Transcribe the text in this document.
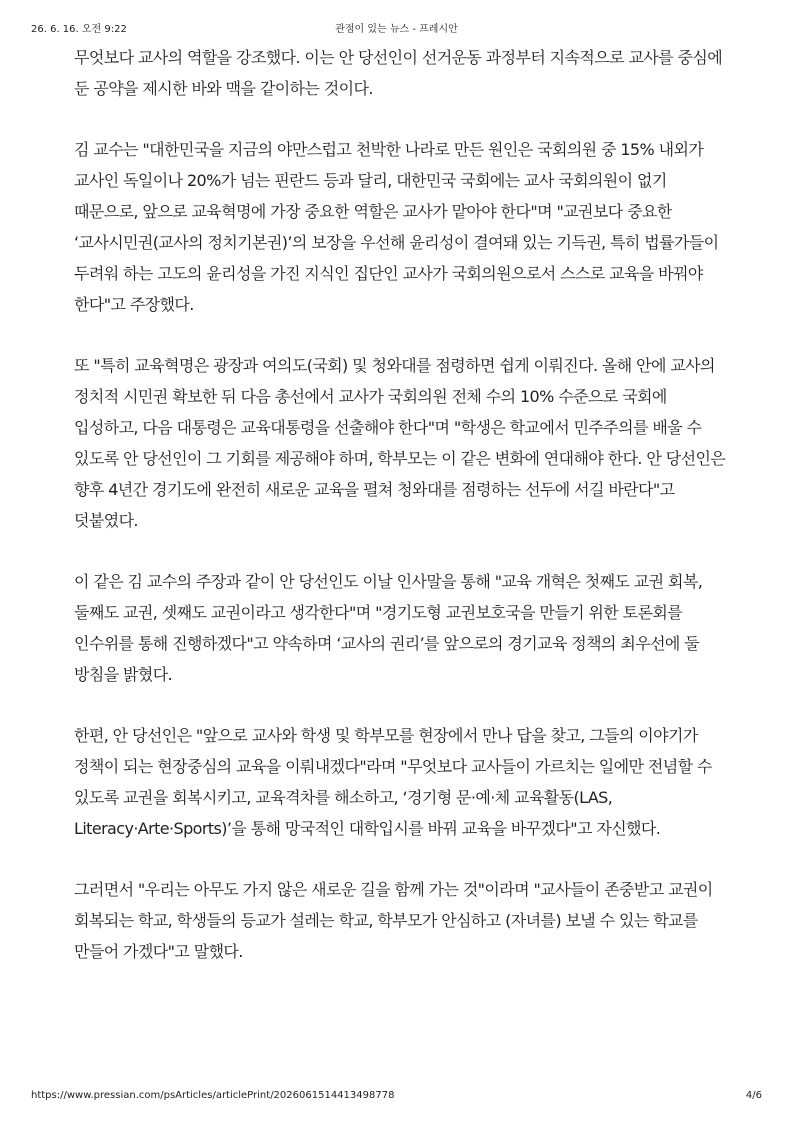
26. 6. 16. 오전 9:22	관점이 있는 뉴스 - 프레시안

무엇보다 교사의 역할을 강조했다. 이는 안 당선인이 선거운동 과정부터 지속적으로 교사를 중심에 둔 공약을 제시한 바와 맥을 같이하는 것이다.

김 교수는 "대한민국을 지금의 야만스럽고 천박한 나라로 만든 원인은 국회의원 중 15% 내외가 교사인 독일이나 20%가 넘는 핀란드 등과 달리, 대한민국 국회에는 교사 국회의원이 없기 때문으로, 앞으로 교육혁명에 가장 중요한 역할은 교사가 맡아야 한다"며 "교권보다 중요한 ‘교사시민권(교사의 정치기본권)’의 보장을 우선해 윤리성이 결여돼 있는 기득권, 특히 법률가들이 두려워 하는 고도의 윤리성을 가진 지식인 집단인 교사가 국회의원으로서 스스로 교육을 바꿔야 한다"고 주장했다.

또 "특히 교육혁명은 광장과 여의도(국회) 및 청와대를 점령하면 쉽게 이뤄진다. 올해 안에 교사의 정치적 시민권 확보한 뒤 다음 총선에서 교사가 국회의원 전체 수의 10% 수준으로 국회에 입성하고, 다음 대통령은 교육대통령을 선출해야 한다"며 "학생은 학교에서 민주주의를 배울 수 있도록 안 당선인이 그 기회를 제공해야 하며, 학부모는 이 같은 변화에 연대해야 한다. 안 당선인은 향후 4년간 경기도에 완전히 새로운 교육을 펼쳐 청와대를 점령하는 선두에 서길 바란다"고 덧붙였다.

이 같은 김 교수의 주장과 같이 안 당선인도 이날 인사말을 통해 "교육 개혁은 첫째도 교권 회복, 둘째도 교권, 셋째도 교권이라고 생각한다"며 "경기도형 교권보호국을 만들기 위한 토론회를 인수위를 통해 진행하겠다"고 약속하며 ‘교사의 권리’를 앞으로의 경기교육 정책의 최우선에 둘 방침을 밝혔다.

한편, 안 당선인은 "앞으로 교사와 학생 및 학부모를 현장에서 만나 답을 찾고, 그들의 이야기가 정책이 되는 현장중심의 교육을 이뤄내겠다"라며 "무엇보다 교사들이 가르치는 일에만 전념할 수 있도록 교권을 회복시키고, 교육격차를 해소하고, ‘경기형 문·예·체 교육활동(LAS, Literacy·Arte·Sports)’을 통해 망국적인 대학입시를 바꿔 교육을 바꾸겠다"고 자신했다.

그러면서 "우리는 아무도 가지 않은 새로운 길을 함께 가는 것"이라며 "교사들이 존중받고 교권이 회복되는 학교, 학생들의 등교가 설레는 학교, 학부모가 안심하고 (자녀를) 보낼 수 있는 학교를 만들어 가겠다"고 말했다.

https://www.pressian.com/psArticles/articlePrint/2026061514413498778	4/6
